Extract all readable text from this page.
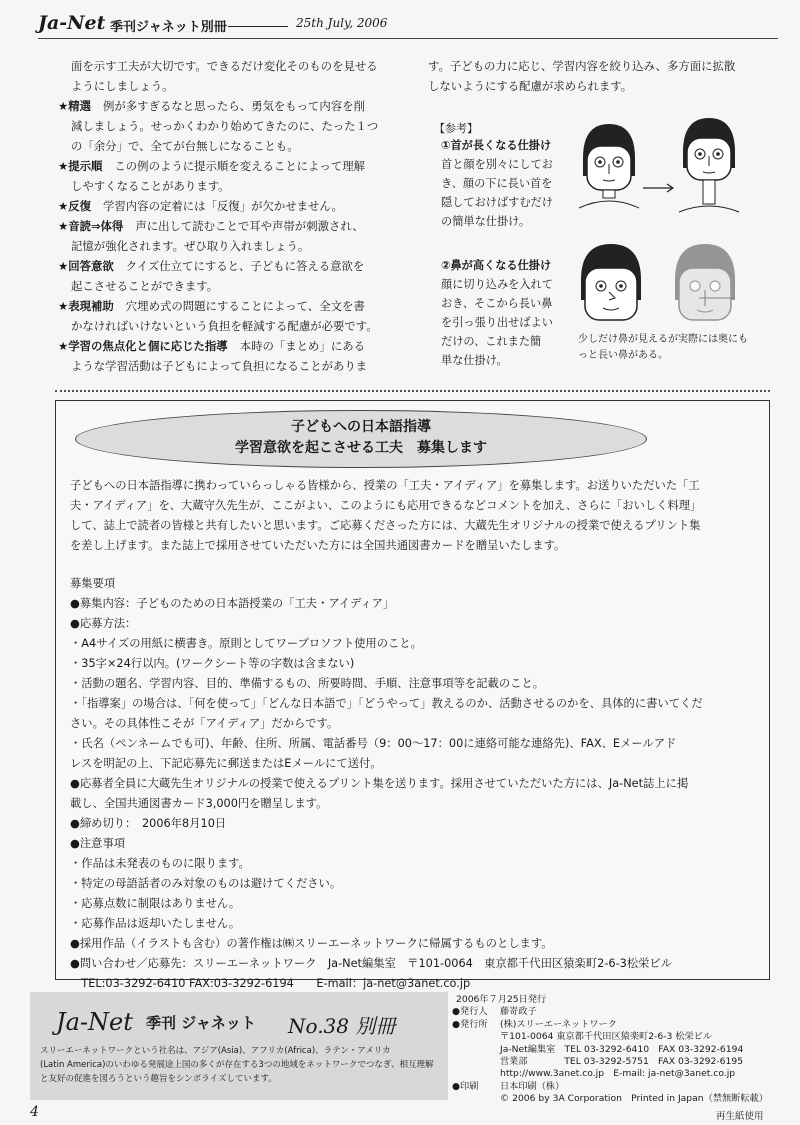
Ja-Net 季刊ジャネット別冊	25th July, 2006

面を示す工夫が大切です。できるだけ変化そのものを見せる

ようにしましょう。

★精選 例が多すぎるなと思ったら、勇気をもって内容を削

減しましょう。せっかくわかり始めてきたのに、たった１つ

の「余分」で、全てが台無しになることも。

★提示順 この例のように提示順を変えることによって理解

しやすくなることがあります。

★反復 学習内容の定着には「反復」が欠かせません。

★音読⇒体得 声に出して読むことで耳や声帯が刺激され、

記憶が強化されます。ぜひ取り入れましょう。

★回答意欲 クイズ仕立てにすると、子どもに答える意欲を

起こさせることができます。

★表現補助 穴埋め式の問題にすることによって、全文を書

かなければいけないという負担を軽減する配慮が必要です。

★学習の焦点化と個に応じた指導 本時の「まとめ」にある

ような学習活動は子どもによって負担になることがありま

す。子どもの力に応じ、学習内容を絞り込み、多方面に拡散

しないようにする配慮が求められます。

【参考】
①首が長くなる仕掛け
首と顔を別々にしてお
き、顔の下に長い首を
隠しておけばすむだけ
の簡単な仕掛け。
②鼻が高くなる仕掛け
顔に切り込みを入れて
おき、そこから長い鼻
を引っ張り出せばよい
だけの、これまた簡
単な仕掛け。
少しだけ鼻が見えるが実際には奥にも
っと長い鼻がある。
子どもへの日本語指導
学習意欲を起こさせる工夫　募集します

子どもへの日本語指導に携わっていらっしゃる皆様から、授業の「工夫・アイディア」を募集します。お送りいただいた「工

夫・アイディア」を、大蔵守久先生が、ここがよい、このようにも応用できるなどコメントを加え、さらに「おいしく料理」

して、誌上で読者の皆様と共有したいと思います。ご応募くださった方には、大蔵先生オリジナルの授業で使えるプリント集

を差し上げます。また誌上で採用させていただいた方には全国共通図書カードを贈呈いたします。

募集要項

●募集内容：子どものための日本語授業の「工夫・アイディア」

●応募方法：

・A4サイズの用紙に横書き。原則としてワープロソフト使用のこと。

・35字×24行以内。(ワークシート等の字数は含まない)

・活動の題名、学習内容、目的、準備するもの、所要時間、手順、注意事項等を記載のこと。

・「指導案」の場合は、「何を使って」「どんな日本語で」「どうやって」教えるのか、活動させるのかを、具体的に書いてくだ

さい。その具体性こそが「アイディア」だからです。

・氏名（ペンネームでも可)、年齢、住所、所属、電話番号（9：00～17：00に連絡可能な連絡先)、FAX、Eメールアド

レスを明記の上、下記応募先に郵送またはEメールにて送付。

●応募者全員に大蔵先生オリジナルの授業で使えるプリント集を送ります。採用させていただいた方には、Ja-Net誌上に掲

載し、全国共通図書カード3,000円を贈呈します。

●締め切り：　2006年8月10日

●注意事項

・作品は未発表のものに限ります。

・特定の母語話者のみ対象のものは避けてください。

・応募点数に制限はありません。

・応募作品は返却いたしません。

●採用作品（イラストも含む）の著作権は㈱スリーエーネットワークに帰属するものとします。

●問い合わせ／応募先：スリーエーネットワーク　Ja-Net編集室　〒101-0064　東京都千代田区猿楽町2-6-3松栄ビル

　TEL:03-3292-6410 FAX:03-3292-6194　　E-mail：ja-net@3anet.co.jp

Ja-Net 季刊 ジャネット No.38 別冊
スリーエーネットワークという社名は、アジア(Asia)、アフリカ(Africa)、ラテン・アメリカ
(Latin America)のいわゆる発展途上国の多くが存在する3つの地域をネットワークでつなぎ、相互理解と友好の促進を図ろうという趣旨をシンボライズしています。
2006年７月25日発行
●発行人 藤嵜政子
●発行所 (株)スリーエーネットワーク
〒101-0064 東京都千代田区猿楽町2-6-3 松栄ビル
Ja-Net編集室　TEL 03-3292-6410　FAX 03-3292-6194
営業部　　　　TEL 03-3292-5751　FAX 03-3292-6195
http://www.3anet.co.jp　E-mail: ja-net@3anet.co.jp
●印刷 日本印刷（株）
© 2006 by 3A Corporation　Printed in Japan（禁無断転載）
4	再生紙使用
